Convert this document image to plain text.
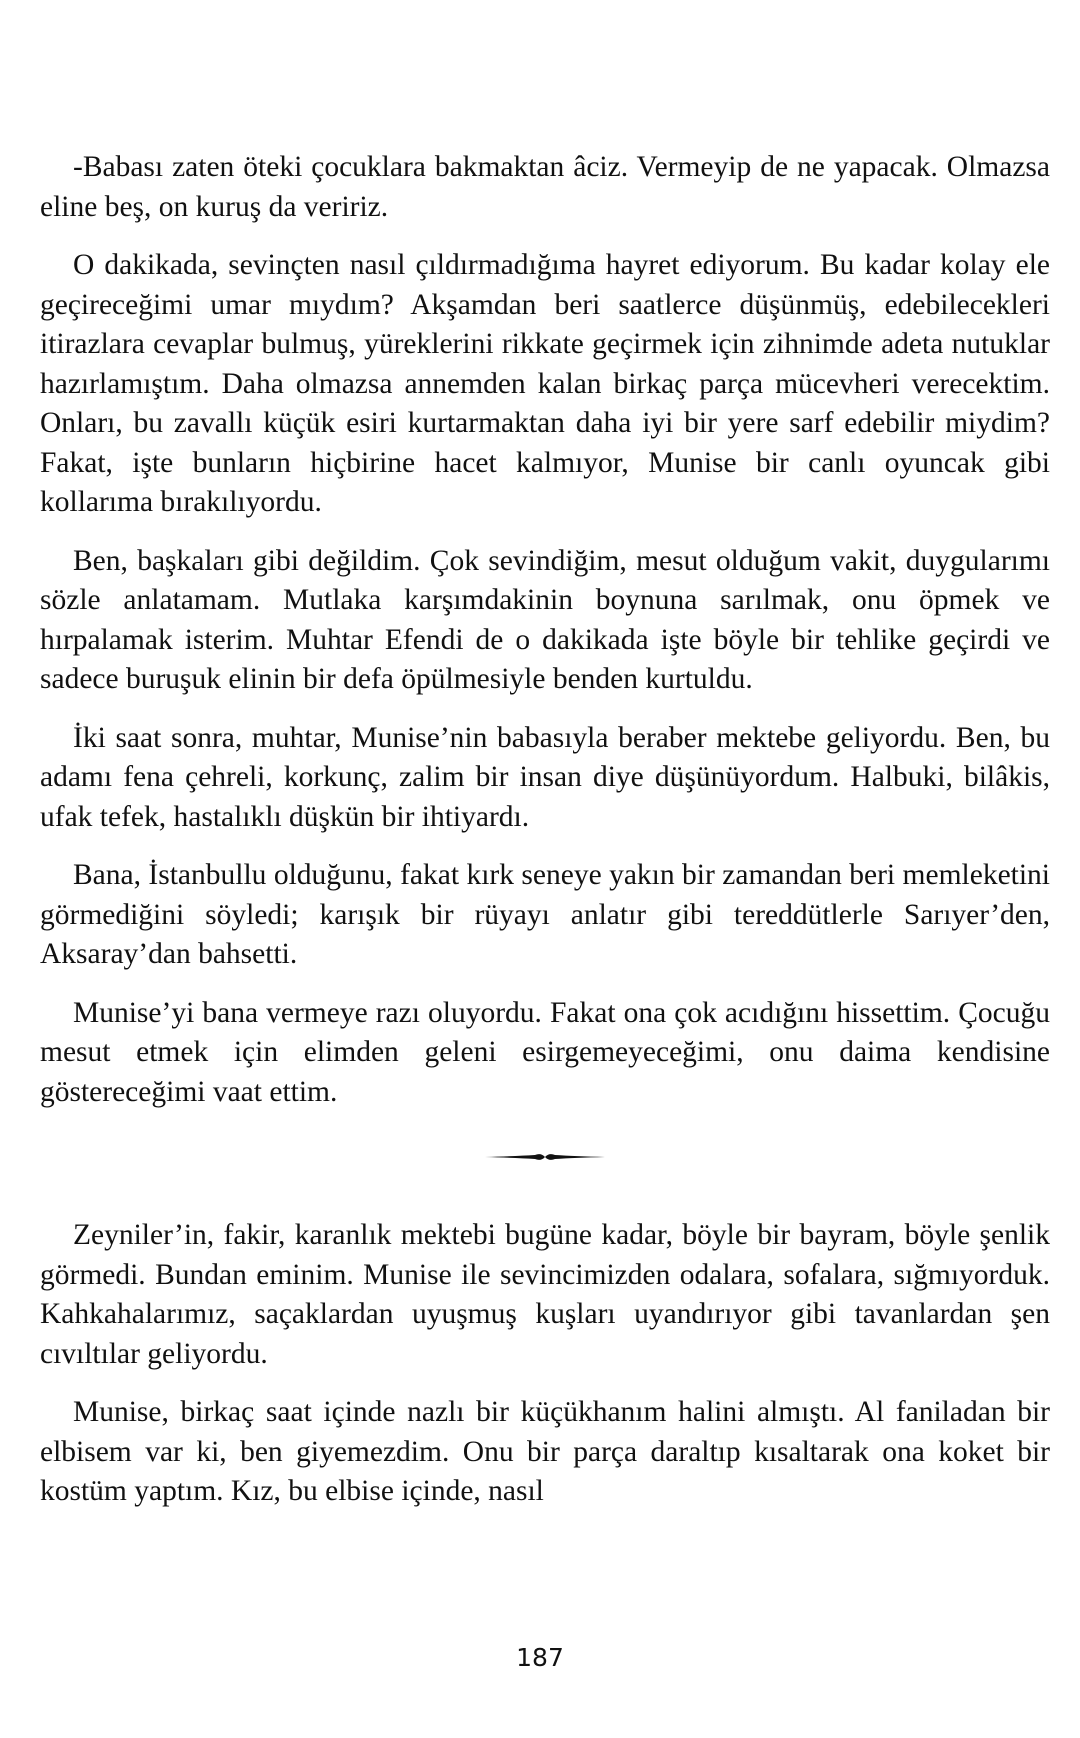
-Babası zaten öteki çocuklara bakmaktan âciz. Vermeyip de ne yapacak. Olmazsa eline beş, on kuruş da veririz.

O dakikada, sevinçten nasıl çıldırmadığıma hayret ediyorum. Bu kadar kolay ele geçireceğimi umar mıydım? Akşamdan beri saatlerce düşünmüş, edebilecekleri itirazlara cevaplar bulmuş, yüreklerini rikkate geçirmek için zihnimde adeta nutuklar hazırlamıştım. Daha olmazsa annemden kalan birkaç parça mücevheri verecektim. Onları, bu zavallı küçük esiri kurtarmaktan daha iyi bir yere sarf edebilir miydim? Fakat, işte bunların hiçbirine hacet kalmıyor, Munise bir canlı oyuncak gibi kollarıma bırakılıyordu.

Ben, başkaları gibi değildim. Çok sevindiğim, mesut olduğum vakit, duygularımı sözle anlatamam. Mutlaka karşımdakinin boynuna sarılmak, onu öpmek ve hırpalamak isterim. Muhtar Efendi de o dakikada işte böyle bir tehlike geçirdi ve sadece buruşuk elinin bir defa öpülmesiyle benden kurtuldu.

İki saat sonra, muhtar, Munise’nin babasıyla beraber mektebe geliyordu. Ben, bu adamı fena çehreli, korkunç, zalim bir insan diye düşünüyordum. Halbuki, bilâkis, ufak tefek, hastalıklı düşkün bir ihtiyardı.

Bana, İstanbullu olduğunu, fakat kırk seneye yakın bir zamandan beri memleketini görmediğini söyledi; karışık bir rüyayı anlatır gibi tereddütlerle Sarıyer’den, Aksaray’dan bahsetti.

Munise’yi bana vermeye razı oluyordu. Fakat ona çok acıdığını hissettim. Çocuğu mesut etmek için elimden geleni esirgemeyeceğimi, onu daima kendisine göstereceğimi vaat ettim.

Zeyniler’in, fakir, karanlık mektebi bugüne kadar, böyle bir bayram, böyle şenlik görmedi. Bundan eminim. Munise ile sevincimizden odalara, sofalara, sığmıyorduk. Kahkahalarımız, saçaklardan uyuşmuş kuşları uyandırıyor gibi tavanlardan şen cıvıltılar geliyordu.

Munise, birkaç saat içinde nazlı bir küçükhanım halini almıştı. Al faniladan bir elbisem var ki, ben giyemezdim. Onu bir parça daraltıp kısaltarak ona koket bir kostüm yaptım. Kız, bu elbise içinde, nasıl

187
